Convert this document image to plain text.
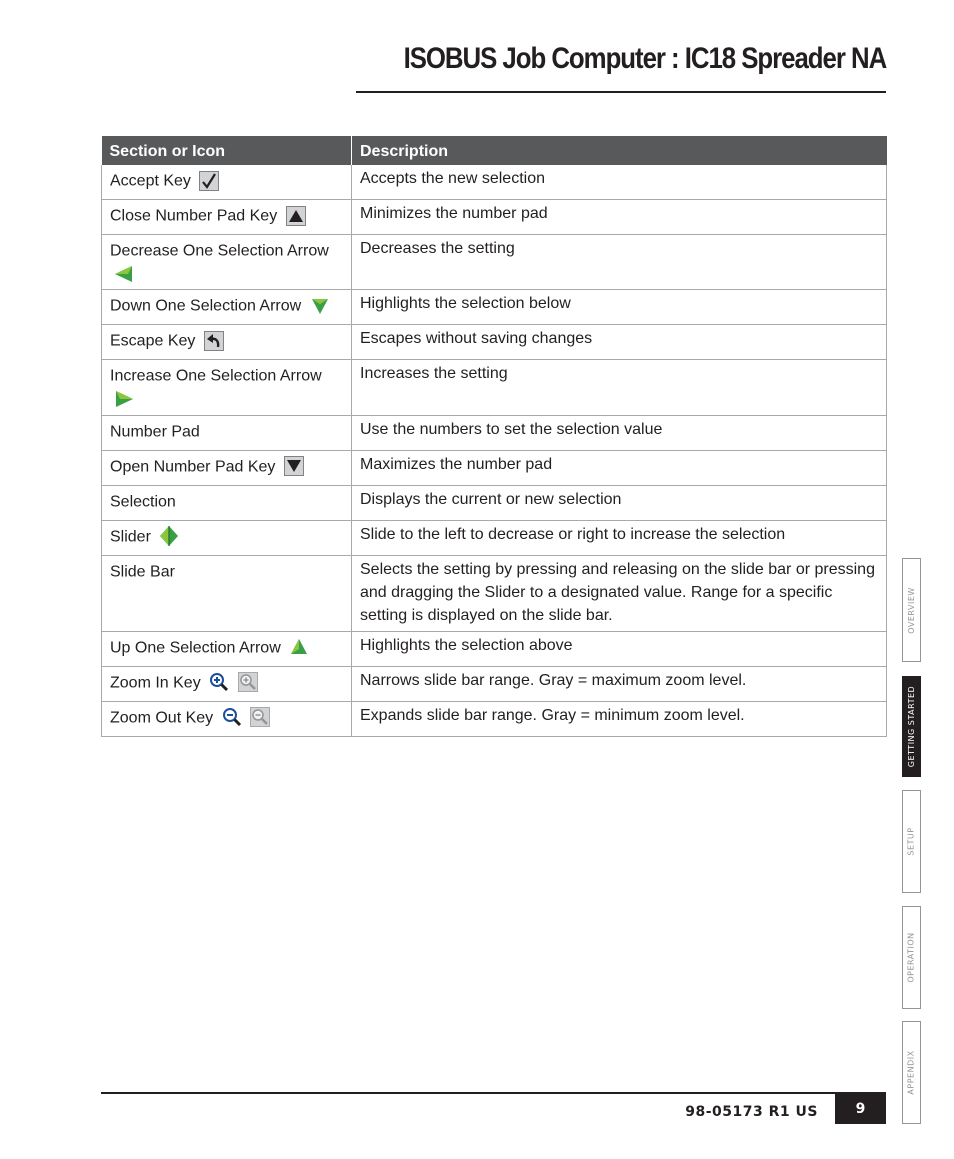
ISOBUS Job Computer : IC18 Spreader NA
Section or Icon	Description
Accept Key	Accepts the new selection
Close Number Pad Key	Minimizes the number pad
Decrease One Selection Arrow	Decreases the setting
Down One Selection Arrow	Highlights the selection below
Escape Key	Escapes without saving changes
Increase One Selection Arrow	Increases the setting
Number Pad	Use the numbers to set the selection value
Open Number Pad Key	Maximizes the number pad
Selection	Displays the current or new selection
Slider	Slide to the left to decrease or right to increase the selection
Slide Bar	Selects the setting by pressing and releasing on the slide bar or pressing and dragging the Slider to a designated value. Range for a specific setting is displayed on the slide bar.
Up One Selection Arrow	Highlights the selection above
Zoom In Key	Narrows slide bar range. Gray = maximum zoom level.
Zoom Out Key	Expands slide bar range. Gray = minimum zoom level.
OVERVIEW
GETTING STARTED
SETUP
OPERATION
APPENDIX
98-05173 R1 US	9
